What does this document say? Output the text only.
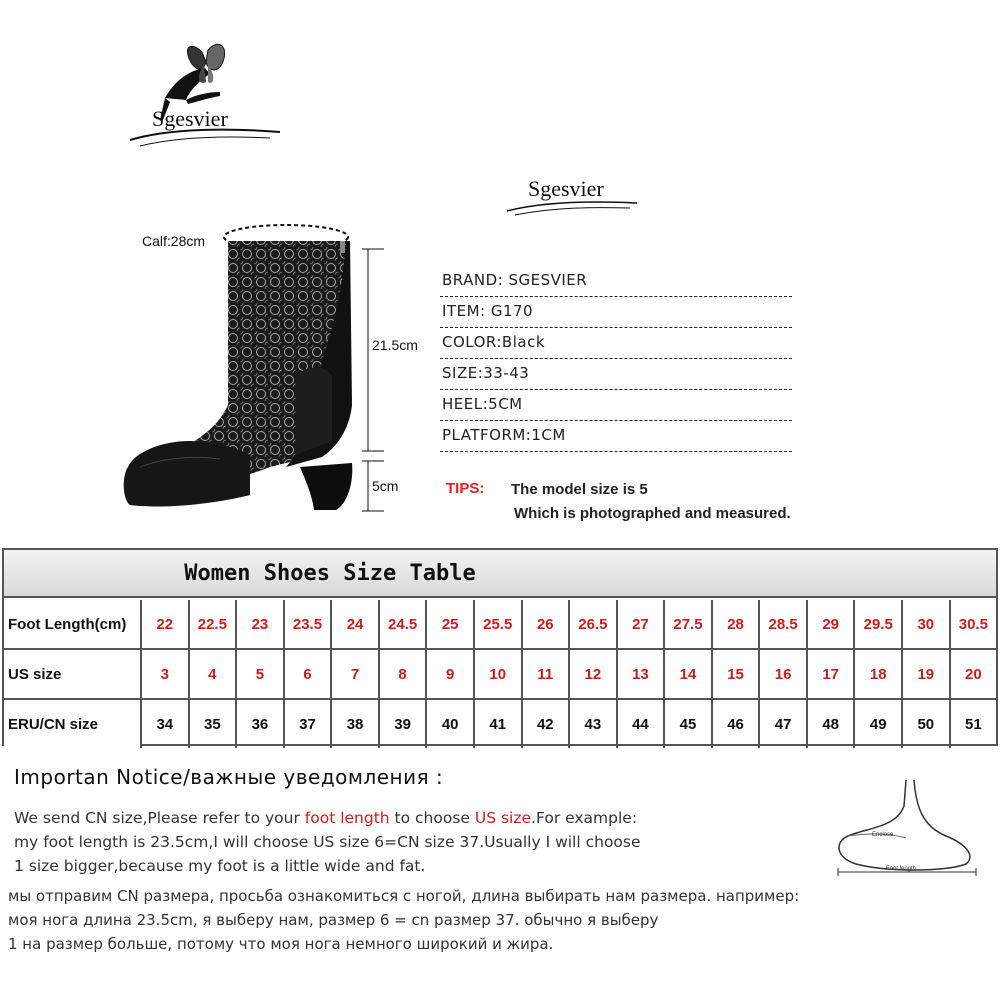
Sgesvier
Sgesvier
Calf:28cm
21.5cm
5cm
BRAND: SGESVIER
ITEM: G170
COLOR:Black
SIZE:33-43
HEEL:5CM
PLATFORM:1CM
TIPS: The model size is 5
Which is photographed and measured.
Women Shoes Size Table
Foot Length(cm)	22	22.5	23	23.5	24	24.5	25	25.5	26	26.5	27	27.5	28	28.5	29	29.5	30	30.5
US size	3	4	5	6	7	8	9	10	11	12	13	14	15	16	17	18	19	20
ERU/CN size	34	35	36	37	38	39	40	41	42	43	44	45	46	47	48	49	50	51
Importan Notice/важные уведомления :
We send CN size,Please refer to your foot length to choose US size.For example:
my foot length is 23.5cm,I will choose US size 6=CN size 37.Usually I will choose
1 size bigger,because my foot is a little wide and fat.
мы отправим CN размера, просьба ознакомиться с ногой, длина выбирать нам размера. например:
моя нога длина 23.5cm, я выберу нам, размер 6 = cn размер 37. обычно я выберу
1 на размер больше, потому что моя нога немного широкий и жира.
Enclose
Foot length
